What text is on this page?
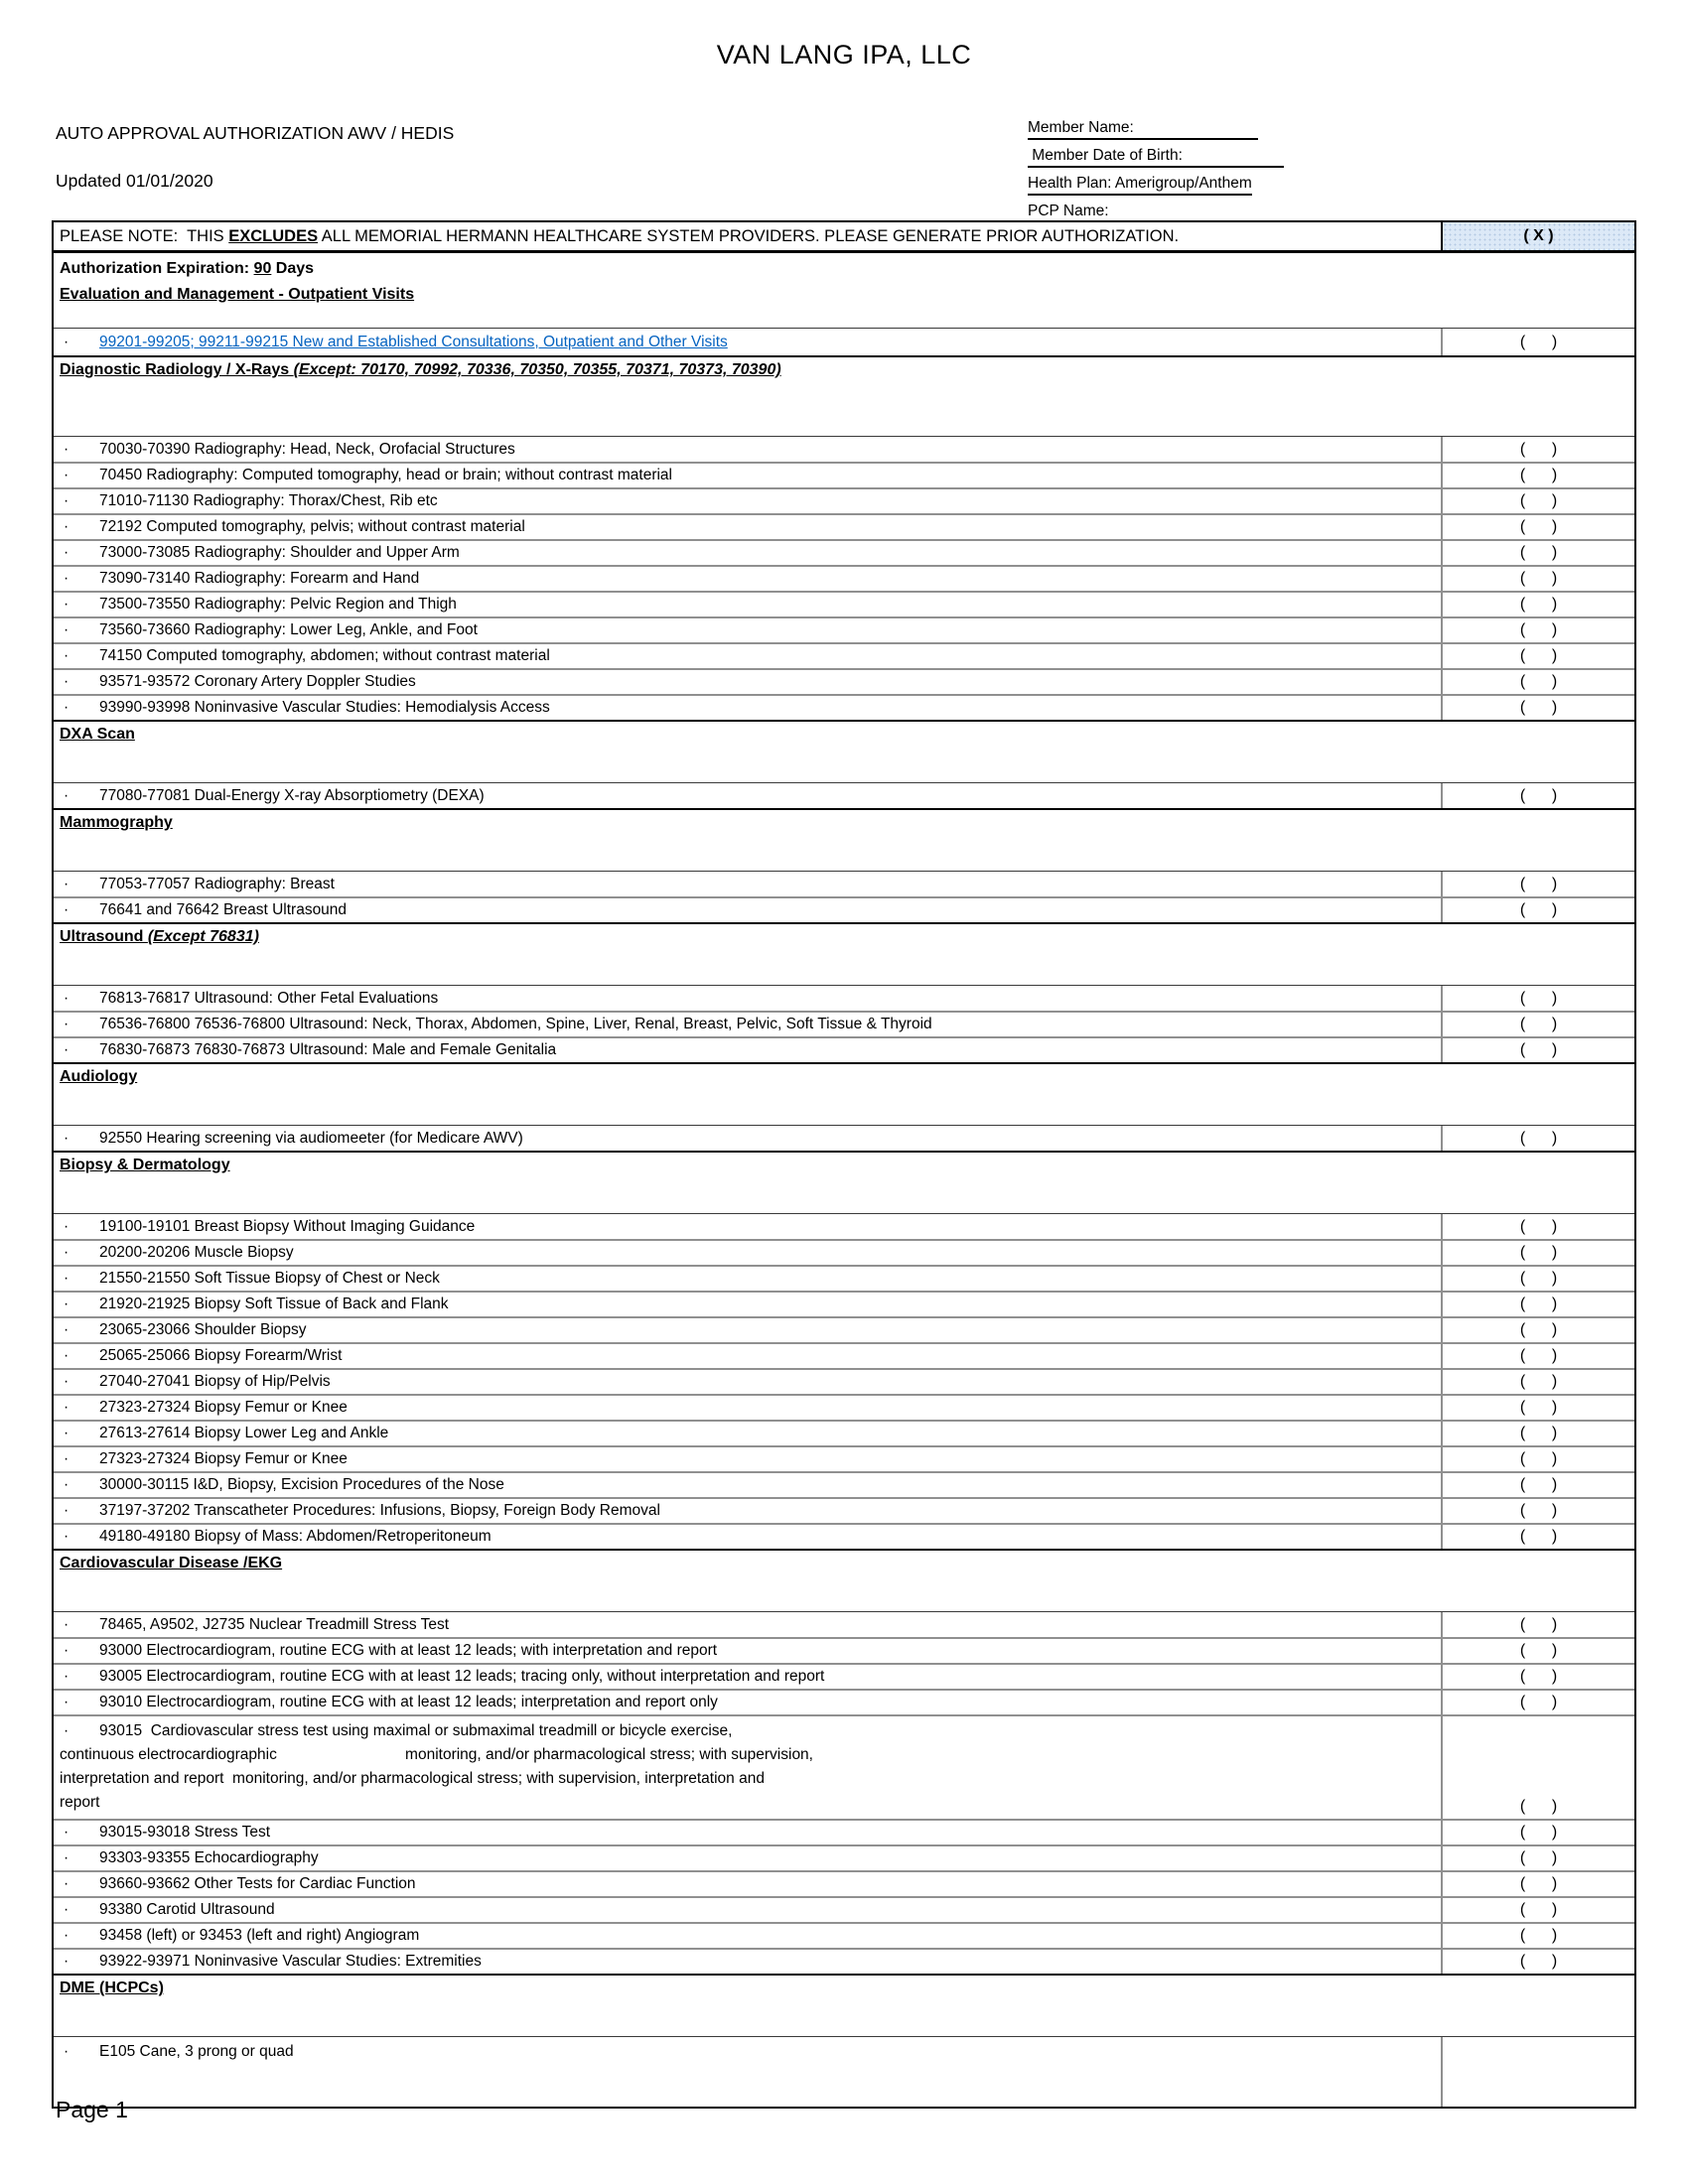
VAN LANG IPA, LLC
AUTO APPROVAL AUTHORIZATION AWV / HEDIS
Updated 01/01/2020
Member Name:
Member Date of Birth:
Health Plan: Amerigroup/Anthem
PCP Name:
PLEASE NOTE:  THIS EXCLUDES ALL MEMORIAL HERMANN HEALTHCARE SYSTEM PROVIDERS. PLEASE GENERATE PRIOR AUTHORIZATION.	( X )
Authorization Expiration: 90 Days
Evaluation and Management - Outpatient Visits
·	99201-99205; 99211-99215 New and Established Consultations, Outpatient and Other Visits	(      )
Diagnostic Radiology / X-Rays (Except: 70170, 70992, 70336, 70350, 70355, 70371, 70373, 70390)
·	70030-70390 Radiography: Head, Neck, Orofacial Structures	(      )
·	70450 Radiography: Computed tomography, head or brain; without contrast material	(      )
·	71010-71130 Radiography: Thorax/Chest, Rib etc	(      )
·	72192 Computed tomography, pelvis; without contrast material	(      )
·	73000-73085 Radiography: Shoulder and Upper Arm	(      )
·	73090-73140 Radiography: Forearm and Hand	(      )
·	73500-73550 Radiography: Pelvic Region and Thigh	(      )
·	73560-73660 Radiography: Lower Leg, Ankle, and Foot	(      )
·	74150 Computed tomography, abdomen; without contrast material	(      )
·	93571-93572 Coronary Artery Doppler Studies	(      )
·	93990-93998 Noninvasive Vascular Studies: Hemodialysis Access	(      )
DXA Scan
·	77080-77081 Dual-Energy X-ray Absorptiometry (DEXA)	(      )
Mammography
·	77053-77057 Radiography: Breast	(      )
·	76641 and 76642 Breast Ultrasound	(      )
Ultrasound (Except 76831)
·	76813-76817 Ultrasound: Other Fetal Evaluations	(      )
·	76536-76800 76536-76800 Ultrasound: Neck, Thorax, Abdomen, Spine, Liver, Renal, Breast, Pelvic, Soft Tissue & Thyroid	(      )
·	76830-76873 76830-76873 Ultrasound: Male and Female Genitalia	(      )
Audiology
·	92550 Hearing screening via audiomeeter (for Medicare AWV)	(      )
Biopsy & Dermatology
·	19100-19101 Breast Biopsy Without Imaging Guidance	(      )
·	20200-20206 Muscle Biopsy	(      )
·	21550-21550 Soft Tissue Biopsy of Chest or Neck	(      )
·	21920-21925 Biopsy Soft Tissue of Back and Flank	(      )
·	23065-23066 Shoulder Biopsy	(      )
·	25065-25066 Biopsy Forearm/Wrist	(      )
·	27040-27041 Biopsy of Hip/Pelvis	(      )
·	27323-27324 Biopsy Femur or Knee	(      )
·	27613-27614 Biopsy Lower Leg and Ankle	(      )
·	27323-27324 Biopsy Femur or Knee	(      )
·	30000-30115 I&D, Biopsy, Excision Procedures of the Nose	(      )
·	37197-37202 Transcatheter Procedures: Infusions, Biopsy, Foreign Body Removal	(      )
·	49180-49180 Biopsy of Mass: Abdomen/Retroperitoneum	(      )
Cardiovascular Disease /EKG
·	78465, A9502, J2735 Nuclear Treadmill Stress Test	(      )
·	93000 Electrocardiogram, routine ECG with at least 12 leads; with interpretation and report	(      )
·	93005 Electrocardiogram, routine ECG with at least 12 leads; tracing only, without interpretation and report	(      )
·	93010 Electrocardiogram, routine ECG with at least 12 leads; interpretation and report only	(      )
·	93015  Cardiovascular stress test using maximal or submaximal treadmill or bicycle exercise,
continuous electrocardiographic                              monitoring, and/or pharmacological stress; with supervision,
interpretation and report  monitoring, and/or pharmacological stress; with supervision, interpretation and
report	(      )
·	93015-93018 Stress Test	(      )
·	93303-93355 Echocardiography	(      )
·	93660-93662 Other Tests for Cardiac Function	(      )
·	93380 Carotid Ultrasound	(      )
·	93458 (left) or 93453 (left and right) Angiogram	(      )
·	93922-93971 Noninvasive Vascular Studies: Extremities	(      )
DME (HCPCs)
·	E105 Cane, 3 prong or quad
Page 1
